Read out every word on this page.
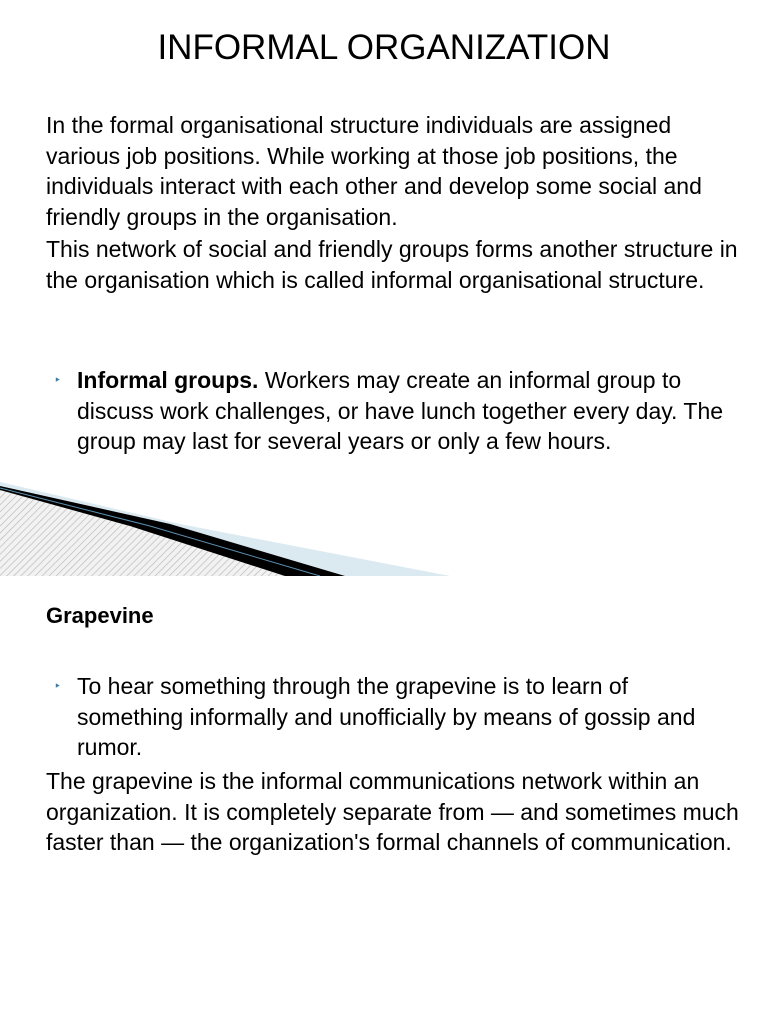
INFORMAL ORGANIZATION

In the formal organisational structure individuals are assigned various job positions. While working at those job positions, the individuals interact with each other and develop some social and friendly groups in the organisation.

This network of social and friendly groups forms another structure in the organisation which is called informal organisational structure.

‣ Informal groups. Workers may create an informal group to discuss work challenges, or have lunch together every day. The group may last for several years or only a few hours.
Grapevine
‣ To hear something through the grapevine is to learn of something informally and unofficially by means of gossip and rumor.

The grapevine is the informal communications network within an organization. It is completely separate from — and sometimes much faster than — the organization's formal channels of communication.
